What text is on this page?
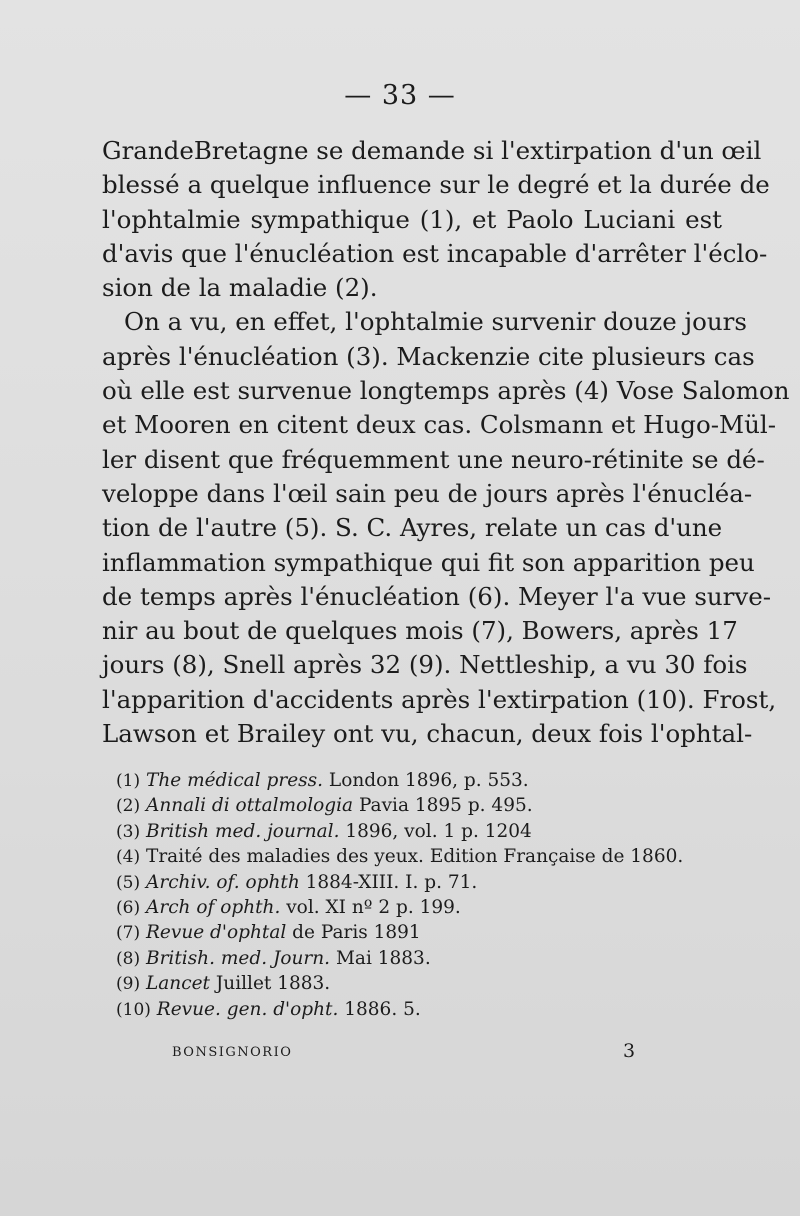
— 33 —
GrandeBretagne se demande si l'extirpation d'un œil
blessé a quelque influence sur le degré et la durée de
l'ophtalmie sympathique (1), et Paolo Luciani est
d'avis que l'énucléation est incapable d'arrêter l'éclo-
sion de la maladie (2).
On a vu, en effet, l'ophtalmie survenir douze jours
après l'énucléation (3). Mackenzie cite plusieurs cas
où elle est survenue longtemps après (4) Vose Salomon
et Mooren en citent deux cas. Colsmann et Hugo-Mül-
ler disent que fréquemment une neuro-rétinite se dé-
veloppe dans l'œil sain peu de jours après l'énucléa-
tion de l'autre (5). S. C. Ayres, relate un cas d'une
inflammation sympathique qui fit son apparition peu
de temps après l'énucléation (6). Meyer l'a vue surve-
nir au bout de quelques mois (7), Bowers, après 17
jours (8), Snell après 32 (9). Nettleship, a vu 30 fois
l'apparition d'accidents après l'extirpation (10). Frost,
Lawson et Brailey ont vu, chacun, deux fois l'ophtal-
(1) The médical press. London 1896, p. 553.
(2) Annali di ottalmologia Pavia 1895 p. 495.
(3) British med. journal. 1896, vol. 1 p. 1204
(4) Traité des maladies des yeux. Edition Française de 1860.
(5) Archiv. of. ophth 1884-XIII. I. p. 71.
(6) Arch of ophth. vol. XI nº 2 p. 199.
(7) Revue d'ophtal de Paris 1891
(8) British. med. Journ. Mai 1883.
(9) Lancet Juillet 1883.
(10) Revue. gen. d'opht. 1886. 5.
BONSIGNORIO	3
